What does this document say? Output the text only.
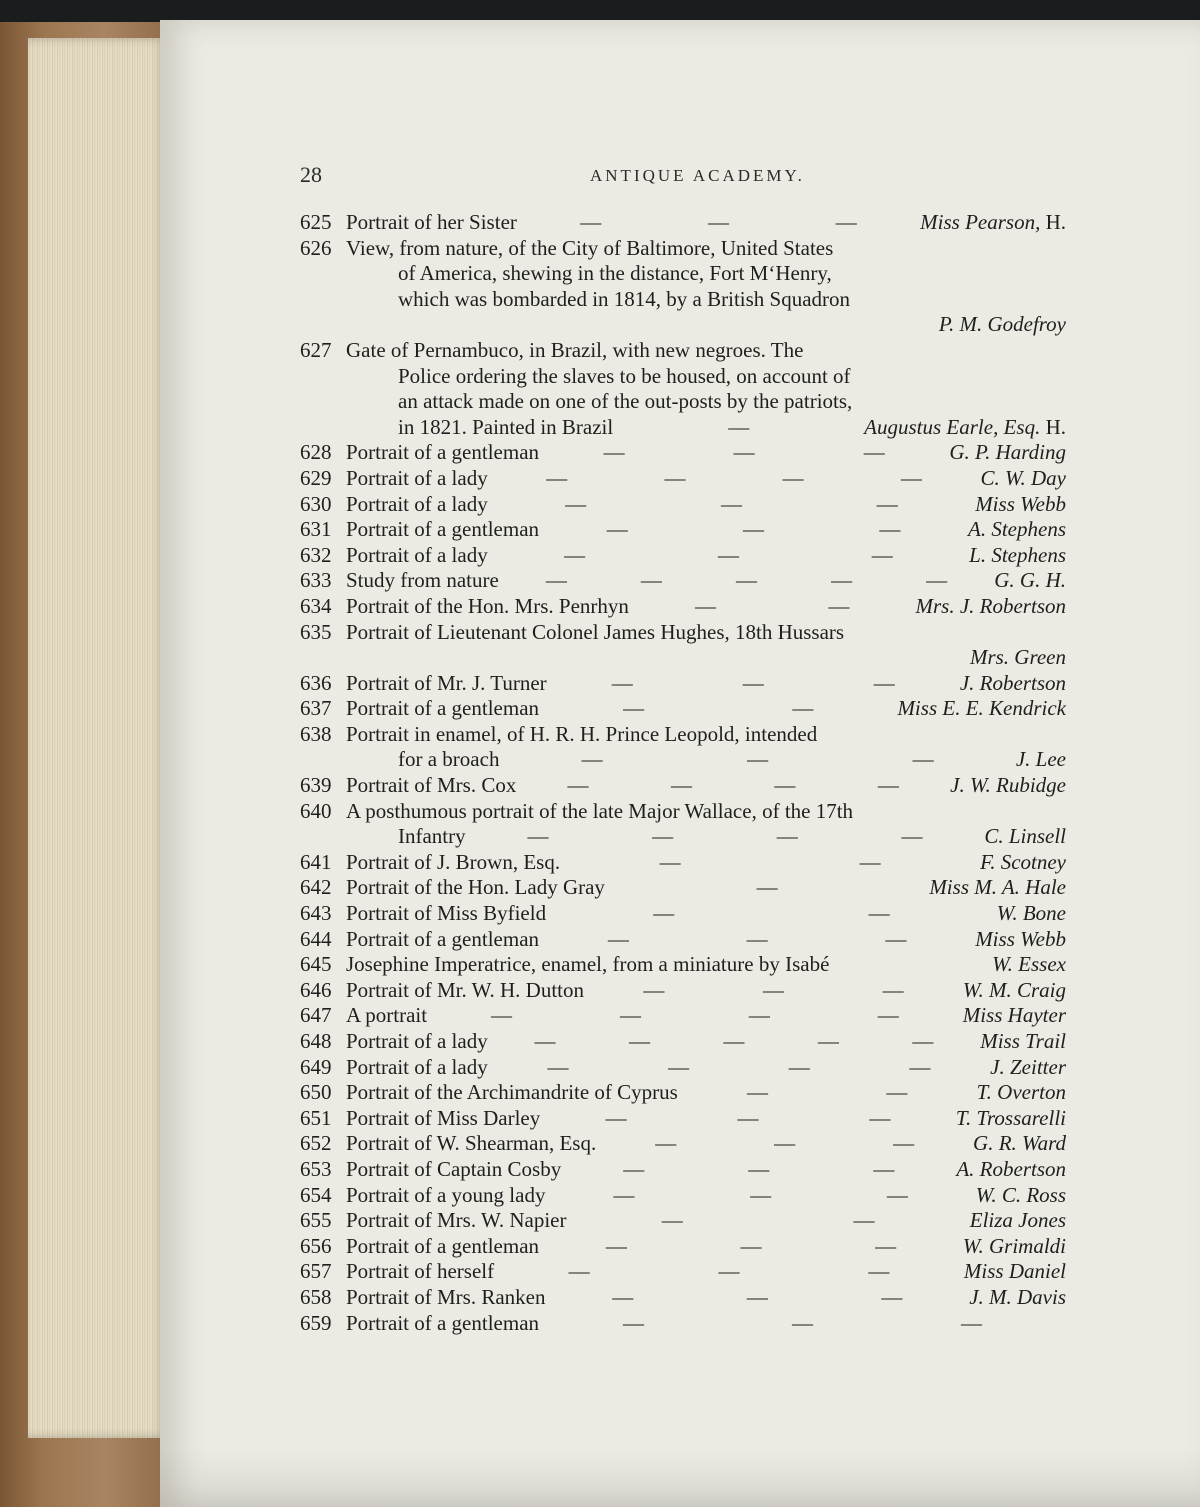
28	ANTIQUE ACADEMY.
625 Portrait of her Sister	—	—	—	Miss Pearson, H.
626 View, from nature, of the City of Baltimore, United States
of America, shewing in the distance, Fort M‘Henry,
which was bombarded in 1814, by a British Squadron
P. M. Godefroy
627 Gate of Pernambuco, in Brazil, with new negroes. The
Police ordering the slaves to be housed, on account of
an attack made on one of the out-posts by the patriots,
in 1821. Painted in Brazil	—	Augustus Earle, Esq. H.
628 Portrait of a gentleman	—	—	—	G. P. Harding
629 Portrait of a lady	—	—	—	—	C. W. Day
630 Portrait of a lady	—	—	—	Miss Webb
631 Portrait of a gentleman	—	—	—	A. Stephens
632 Portrait of a lady	—	—	—	L. Stephens
633 Study from nature —	—	—	—	— G. G. H.
634 Portrait of the Hon. Mrs. Penrhyn	—	—	Mrs. J. Robertson
635 Portrait of Lieutenant Colonel James Hughes, 18th Hussars
Mrs. Green
636 Portrait of Mr. J. Turner	—	—	—	J. Robertson
637 Portrait of a gentleman	—	—	Miss E. E. Kendrick
638 Portrait in enamel, of H. R. H. Prince Leopold, intended
for a broach	—	—	—	J. Lee
639 Portrait of Mrs. Cox —	—	—	— J. W. Rubidge
640 A posthumous portrait of the late Major Wallace, of the 17th
Infantry	—	—	—	—	C. Linsell
641 Portrait of J. Brown, Esq.	—	—	F. Scotney
642 Portrait of the Hon. Lady Gray	—	Miss M. A. Hale
643 Portrait of Miss Byfield	—	—	W. Bone
644 Portrait of a gentleman	—	—	—	Miss Webb
645 Josephine Imperatrice, enamel, from a miniature by Isabé	W. Essex
646 Portrait of Mr. W. H. Dutton	—	—	—	W. M. Craig
647 A portrait	—	—	—	—	Miss Hayter
648 Portrait of a lady —	—	—	—	— Miss Trail
649 Portrait of a lady	—	—	—	—	J. Zeitter
650 Portrait of the Archimandrite of Cyprus	—	—	T. Overton
651 Portrait of Miss Darley	—	—	—	T. Trossarelli
652 Portrait of W. Shearman, Esq.	—	—	—	G. R. Ward
653 Portrait of Captain Cosby	—	—	—	A. Robertson
654 Portrait of a young lady	—	—	—	W. C. Ross
655 Portrait of Mrs. W. Napier	—	—	Eliza Jones
656 Portrait of a gentleman	—	—	—	W. Grimaldi
657 Portrait of herself	—	—	—	Miss Daniel
658 Portrait of Mrs. Ranken	—	—	—	J. M. Davis
659 Portrait of a gentleman	—	—	—
